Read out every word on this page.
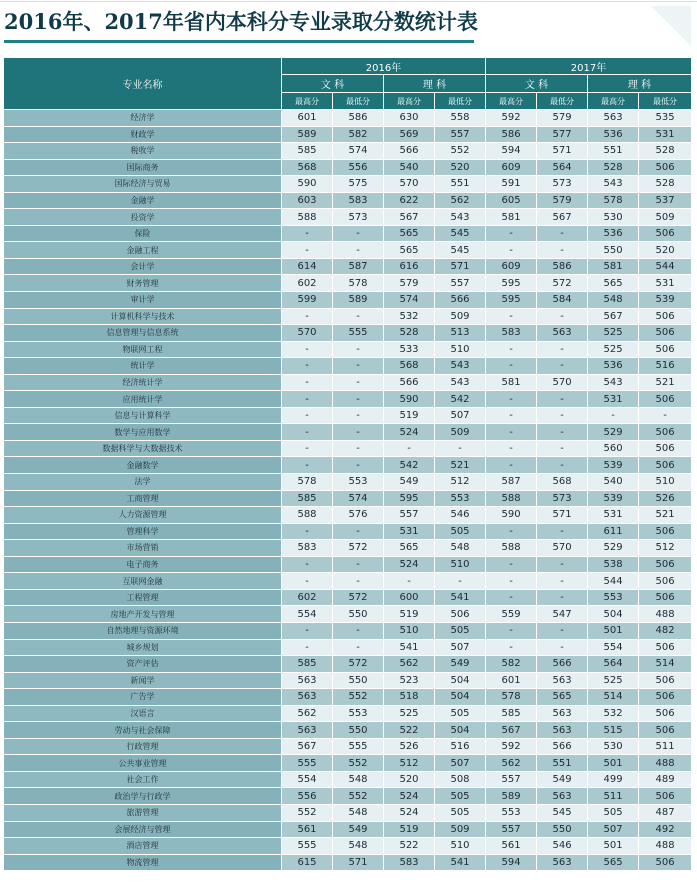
2016年、2017年省内本科分专业录取分数统计表
专业名称	2016年				2017年			
	文 科		理 科		文 科		理 科	
	最高分	最低分	最高分	最低分	最高分	最低分	最高分	最低分
经济学	601	586	630	558	592	579	563	535
财政学	589	582	569	557	586	577	536	531
税收学	585	574	566	552	594	571	551	528
国际商务	568	556	540	520	609	564	528	506
国际经济与贸易	590	575	570	551	591	573	543	528
金融学	603	583	622	562	605	579	578	537
投资学	588	573	567	543	581	567	530	509
保险	-	-	565	545	-	-	536	506
金融工程	-	-	565	545	-	-	550	520
会计学	614	587	616	571	609	586	581	544
财务管理	602	578	579	557	595	572	565	531
审计学	599	589	574	566	595	584	548	539
计算机科学与技术	-	-	532	509	-	-	567	506
信息管理与信息系统	570	555	528	513	583	563	525	506
物联网工程	-	-	533	510	-	-	525	506
统计学	-	-	568	543	-	-	536	516
经济统计学	-	-	566	543	581	570	543	521
应用统计学	-	-	590	542	-	-	531	506
信息与计算科学	-	-	519	507	-	-	-	-
数学与应用数学	-	-	524	509	-	-	529	506
数据科学与大数据技术	-	-	-	-	-	-	560	506
金融数学	-	-	542	521	-	-	539	506
法学	578	553	549	512	587	568	540	510
工商管理	585	574	595	553	588	573	539	526
人力资源管理	588	576	557	546	590	571	531	521
管理科学	-	-	531	505	-	-	611	506
市场营销	583	572	565	548	588	570	529	512
电子商务	-	-	524	510	-	-	538	506
互联网金融	-	-	-	-	-	-	544	506
工程管理	602	572	600	541	-	-	553	506
房地产开发与管理	554	550	519	506	559	547	504	488
自然地理与资源环境	-	-	510	505	-	-	501	482
城乡规划	-	-	541	507	-	-	554	506
资产评估	585	572	562	549	582	566	564	514
新闻学	563	550	523	504	601	563	525	506
广告学	563	552	518	504	578	565	514	506
汉语言	562	553	525	505	585	563	532	506
劳动与社会保障	563	550	522	504	567	563	515	506
行政管理	567	555	526	516	592	566	530	511
公共事业管理	555	552	512	507	562	551	501	488
社会工作	554	548	520	508	557	549	499	489
政治学与行政学	556	552	524	505	589	563	511	506
旅游管理	552	548	524	505	553	545	505	487
会展经济与管理	561	549	519	509	557	550	507	492
酒店管理	555	548	522	510	561	546	501	488
物流管理	615	571	583	541	594	563	565	506
